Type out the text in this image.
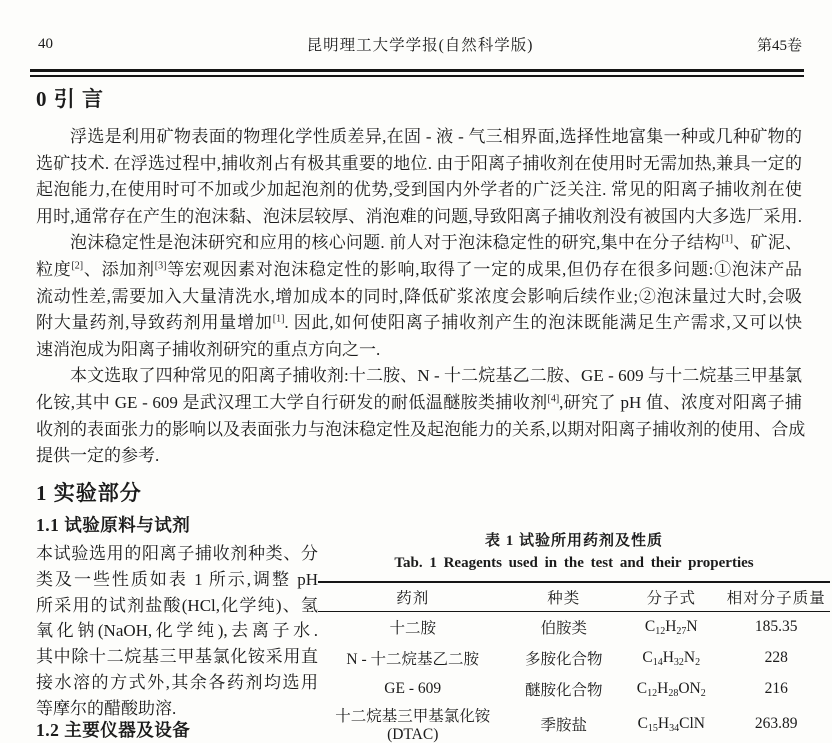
40	昆明理工大学学报(自然科学版)	第45卷
0 引 言
浮选是利用矿物表面的物理化学性质差异,在固 - 液 - 气三相界面,选择性地富集一种或几种矿物的
选矿技术. 在浮选过程中,捕收剂占有极其重要的地位. 由于阳离子捕收剂在使用时无需加热,兼具一定的
起泡能力,在使用时可不加或少加起泡剂的优势,受到国内外学者的广泛关注. 常见的阳离子捕收剂在使
用时,通常存在产生的泡沫黏、泡沫层较厚、消泡难的问题,导致阳离子捕收剂没有被国内大多选厂采用.
泡沫稳定性是泡沫研究和应用的核心问题. 前人对于泡沫稳定性的研究,集中在分子结构[1]、矿泥、
粒度[2]、添加剂[3]等宏观因素对泡沫稳定性的影响,取得了一定的成果,但仍存在很多问题:①泡沫产品
流动性差,需要加入大量清洗水,增加成本的同时,降低矿浆浓度会影响后续作业;②泡沫量过大时,会吸
附大量药剂,导致药剂用量增加[1]. 因此,如何使阳离子捕收剂产生的泡沫既能满足生产需求,又可以快
速消泡成为阳离子捕收剂研究的重点方向之一.
本文选取了四种常见的阳离子捕收剂:十二胺、N - 十二烷基乙二胺、GE - 609 与十二烷基三甲基氯
化铵,其中 GE - 609 是武汉理工大学自行研发的耐低温醚胺类捕收剂[4],研究了 pH 值、浓度对阳离子捕
收剂的表面张力的影响以及表面张力与泡沫稳定性及起泡能力的关系,以期对阳离子捕收剂的使用、合成
提供一定的参考.
1 实验部分
1.1 试验原料与试剂
本试验选用的阳离子捕收剂种类、分
类及一些性质如表 1 所示,调整 pH
所采用的试剂盐酸(HCl,化学纯)、氢
氧化钠(NaOH,化学纯),去离子水.
其中除十二烷基三甲基氯化铵采用直
接水溶的方式外,其余各药剂均选用
等摩尔的醋酸助溶.
表 1 试验所用药剂及性质
Tab. 1 Reagents used in the test and their properties
药剂	种类	分子式	相对分子质量
十二胺	伯胺类	$C_{12}H_{27}N$	185.35
N - 十二烷基乙二胺	多胺化合物	$C_{14}H_{32}N_2$	228
GE - 609	醚胺化合物	$C_{12}H_{28}ON_2$	216
十二烷基三甲基氯化铵(DTAC)	季胺盐	$C_{15}H_{34}ClN$	263.89
1.2 主要仪器及设备
